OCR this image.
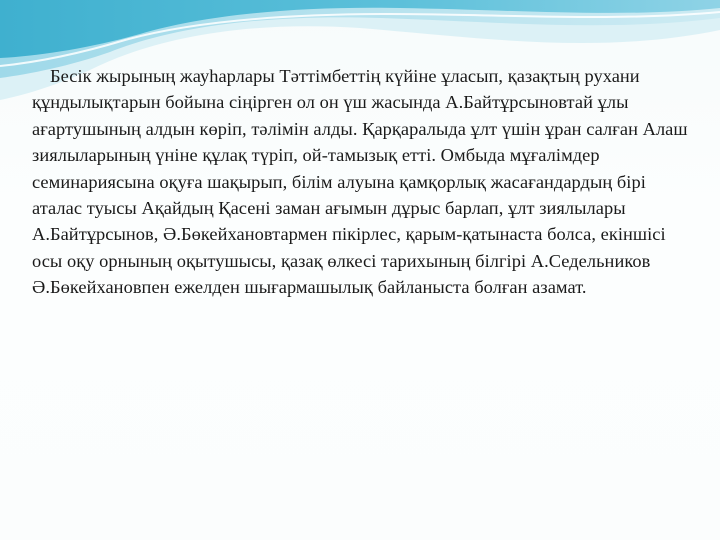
Бесік жырының жауһарлары Тәттімбеттің күйіне ұласып, қазақтың рухани құндылықтарын бойына сіңірген ол он үш жасында А.Байтұрсыновтай ұлы ағартушының алдын көріп, тәлімін алды. Қарқаралыда ұлт үшін ұран салған Алаш зиялыларының үніне құлақ түріп, ой-тамызық етті. Омбыда мұғалімдер семинариясына оқуға шақырып, білім алуына қамқорлық жасағандардың бірі аталас туысы Ақайдың Қасені заман ағымын дұрыс барлап, ұлт зиялылары А.Байтұрсынов, Ә.Бөкейхановтармен пікірлес, қарым-қатынаста болса, екіншісі осы оқу орнының оқытушысы, қазақ өлкесі тарихының білгірі А.Седельников Ә.Бөкейхановпен ежелден шығармашылық байланыста болған азамат.
